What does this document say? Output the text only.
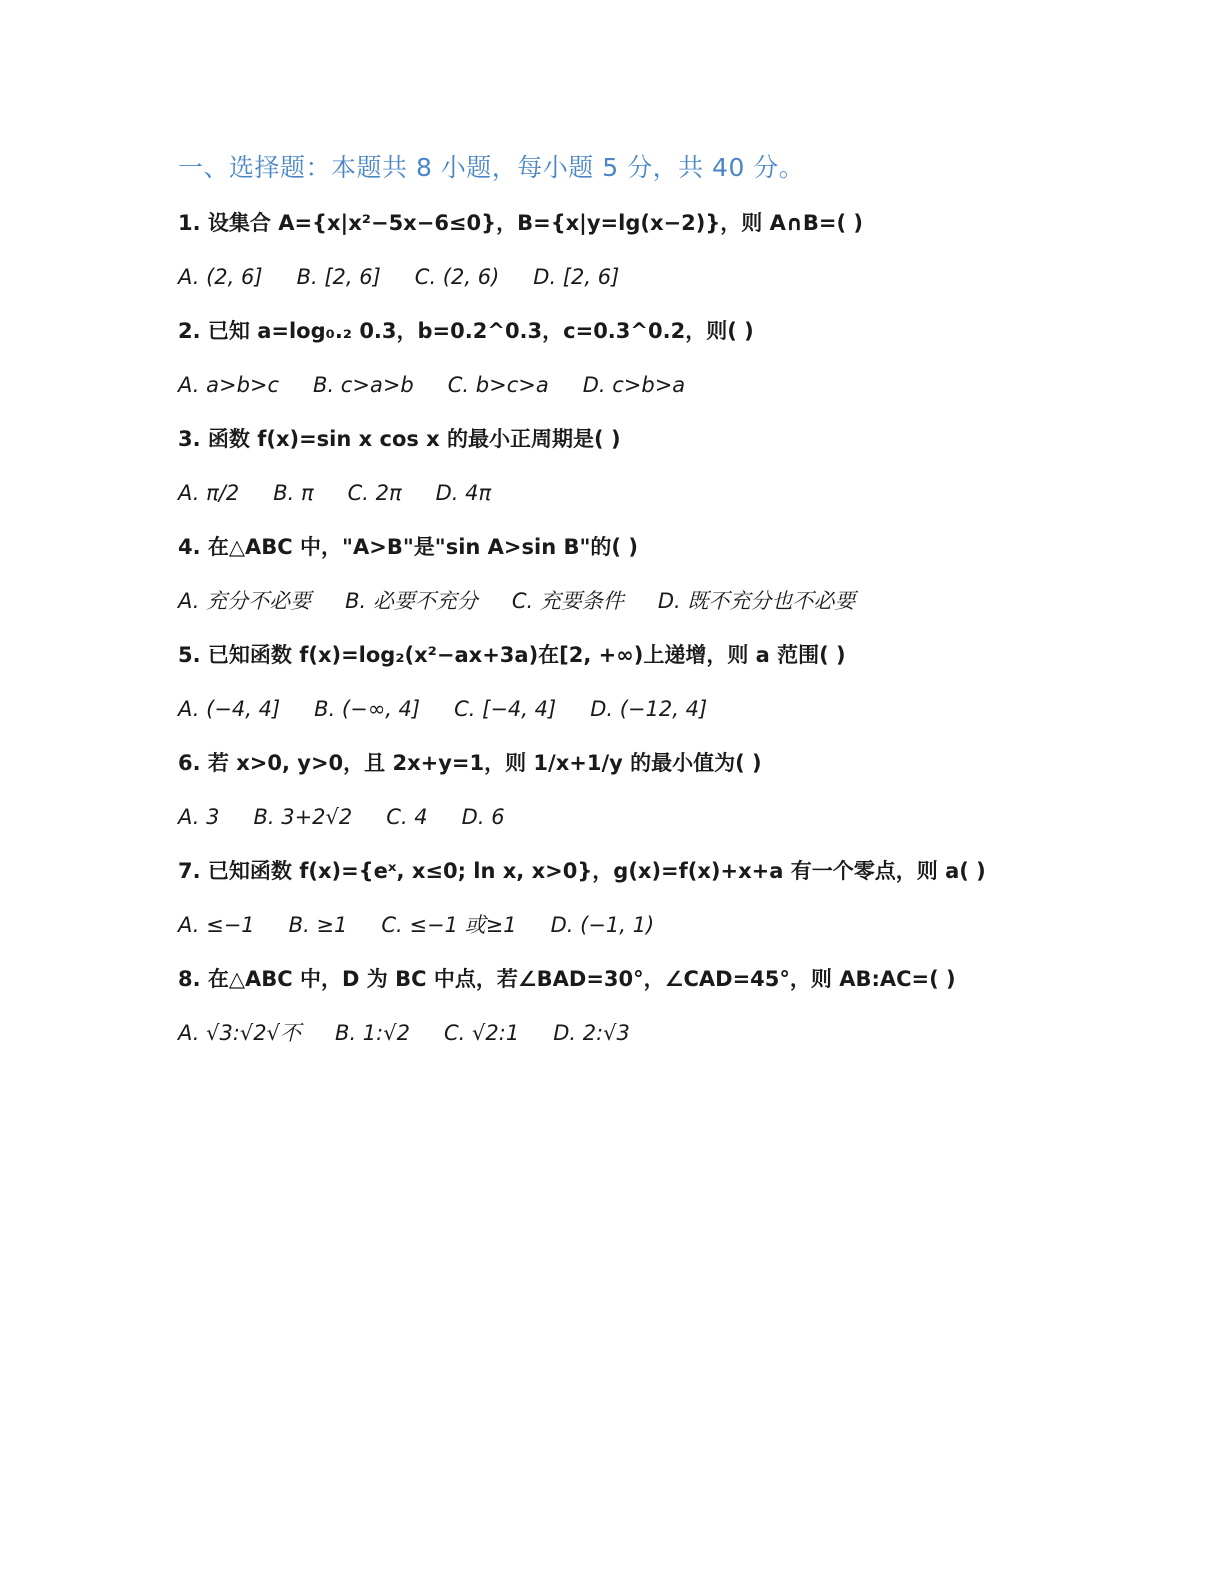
一、选择题：本题共 8 小题，每小题 5 分，共 40 分。
1. 设集合 A={x|x²−5x−6≤0}，B={x|y=lg(x−2)}，则 A∩B=( )
A. (2, 6] B. [2, 6] C. (2, 6) D. [2, 6]
2. 已知 a=log₀.₂ 0.3，b=0.2^0.3，c=0.3^0.2，则( )
A. a>b>c B. c>a>b C. b>c>a D. c>b>a
3. 函数 f(x)=sin x cos x 的最小正周期是( )
A. π/2 B. π C. 2π D. 4π
4. 在△ABC 中，"A>B"是"sin A>sin B"的( )
A. 充分不必要 B. 必要不充分 C. 充要条件 D. 既不充分也不必要
5. 已知函数 f(x)=log₂(x²−ax+3a)在[2, +∞)上递增，则 a 范围( )
A. (−4, 4] B. (−∞, 4] C. [−4, 4] D. (−12, 4]
6. 若 x>0, y>0，且 2x+y=1，则 1/x+1/y 的最小值为( )
A. 3 B. 3+2√2 C. 4 D. 6
7. 已知函数 f(x)={eˣ, x≤0; ln x, x>0}，g(x)=f(x)+x+a 有一个零点，则 a( )
A. ≤−1 B. ≥1 C. ≤−1 或≥1 D. (−1, 1)
8. 在△ABC 中，D 为 BC 中点，若∠BAD=30°，∠CAD=45°，则 AB:AC=( )
A. √3:√2√不 B. 1:√2 C. √2:1 D. 2:√3
